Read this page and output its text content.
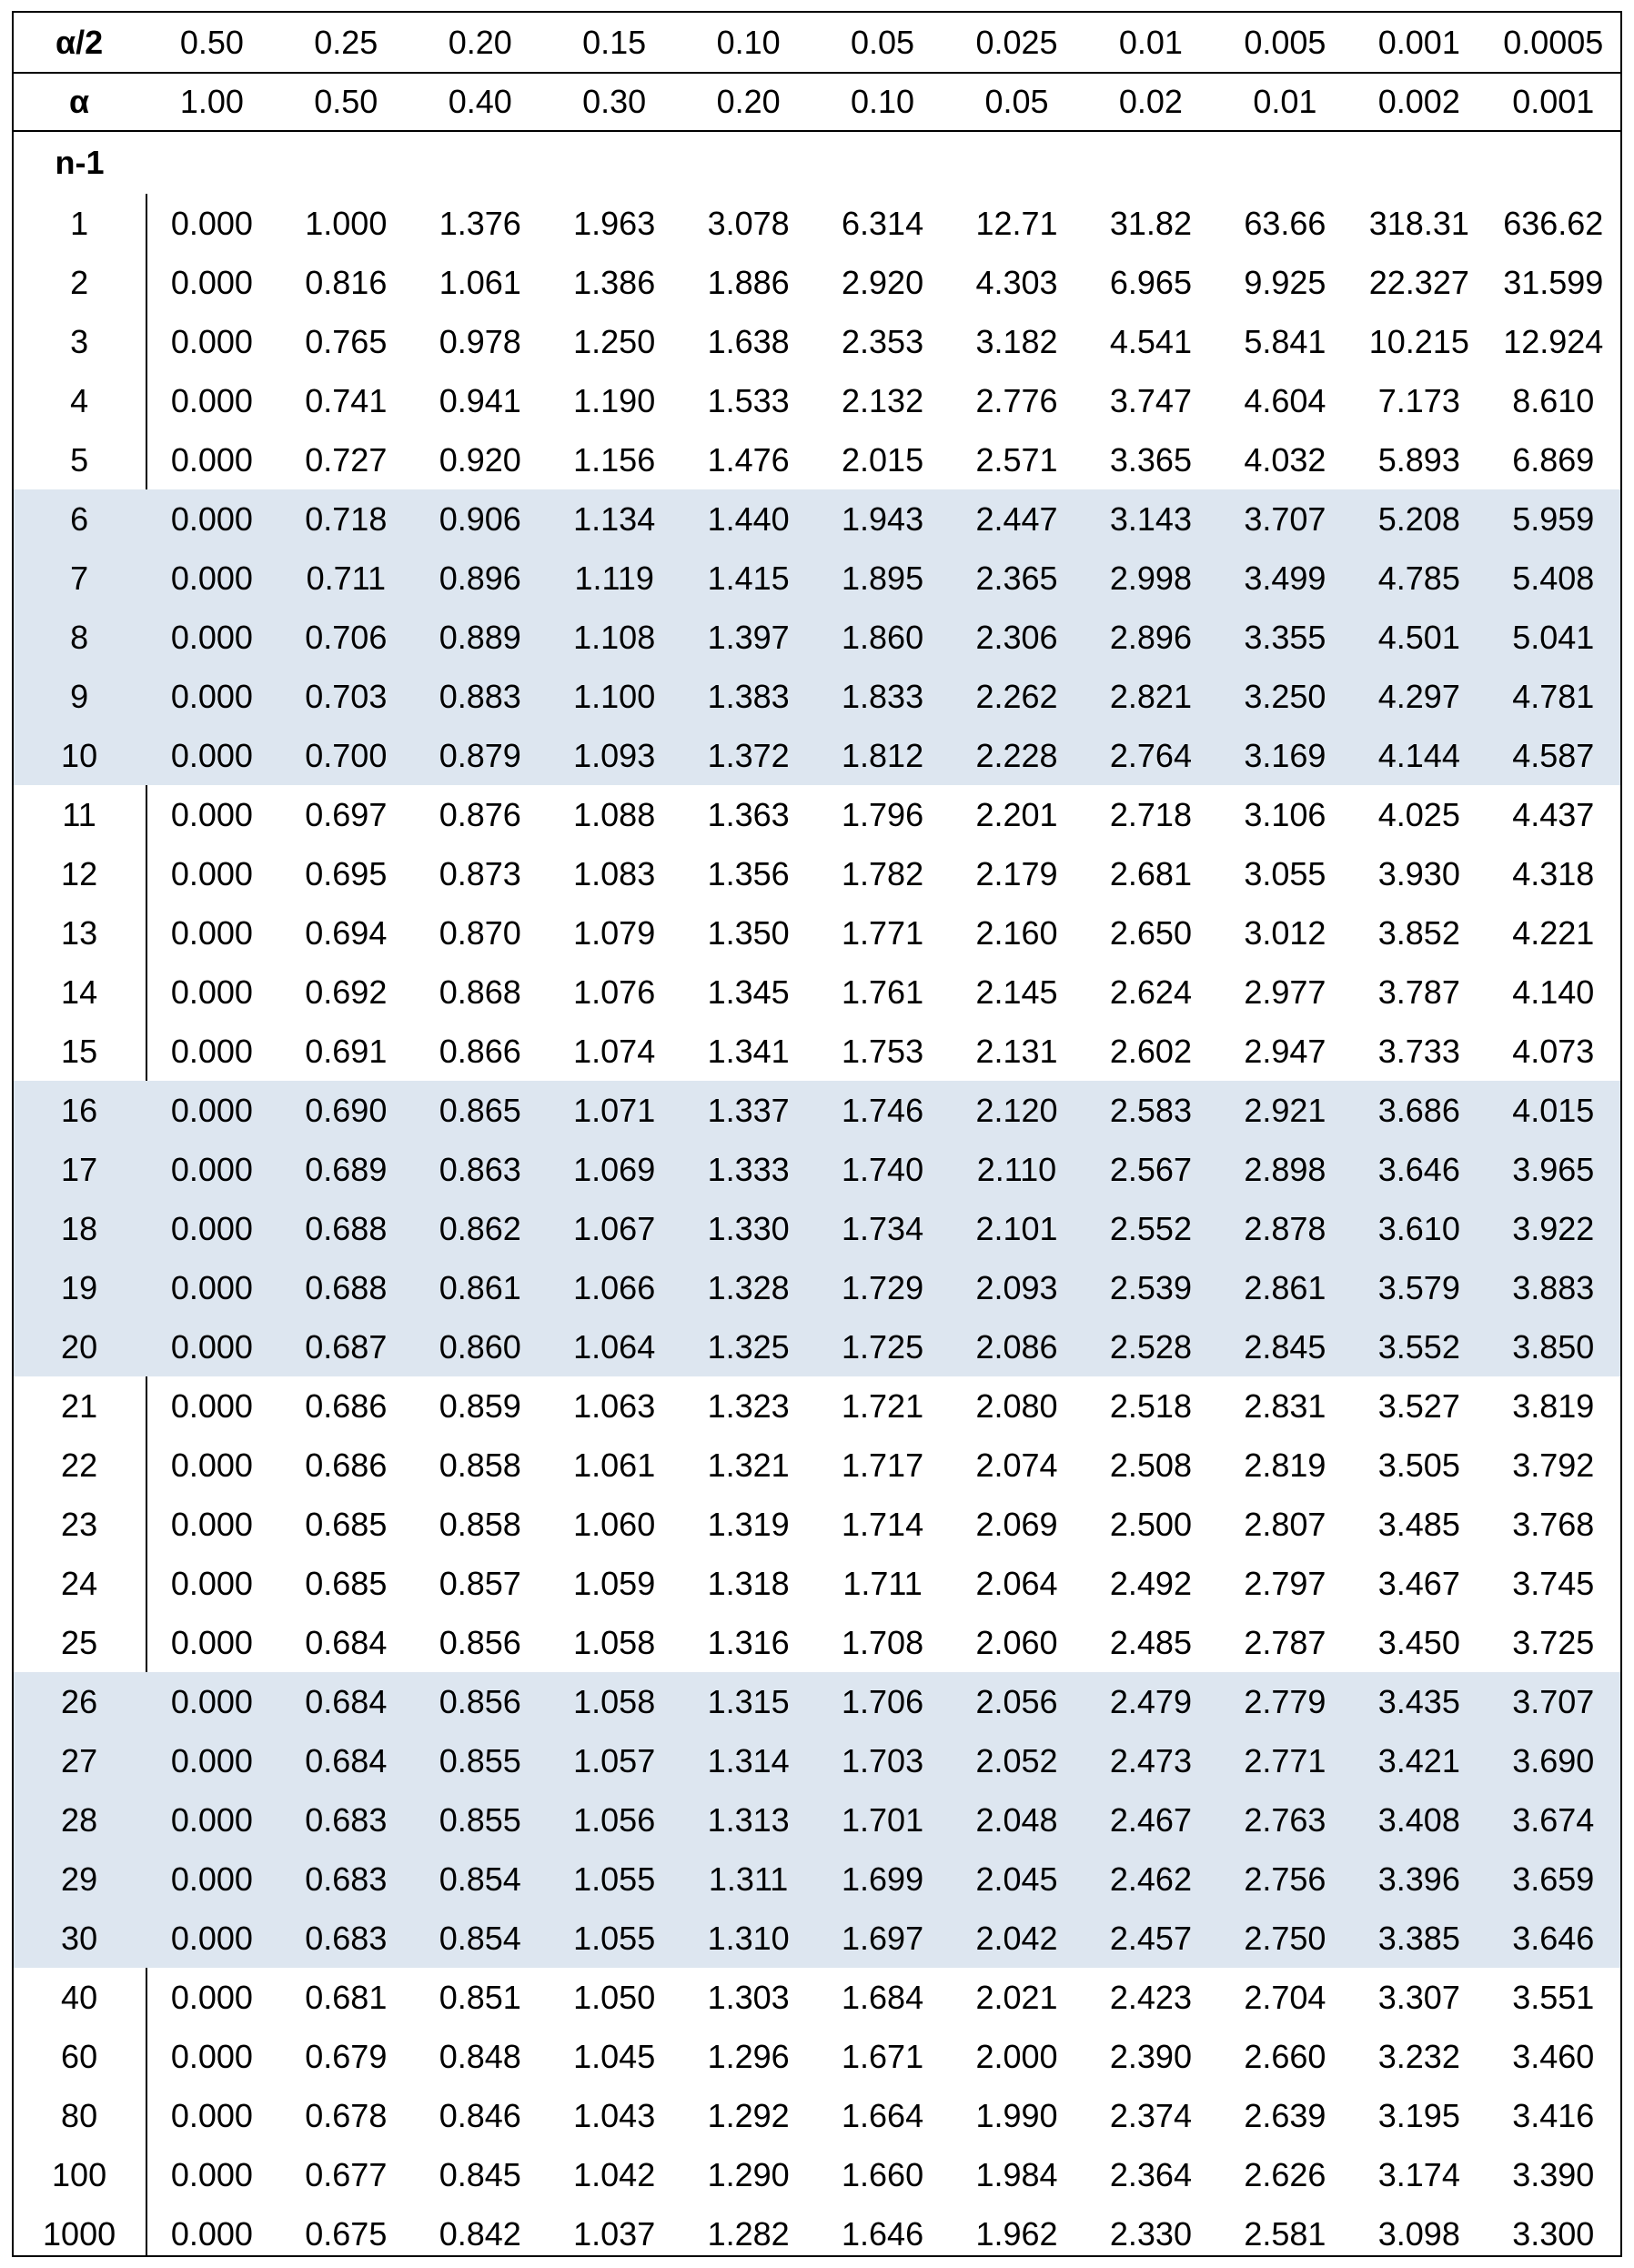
α/2	0.50	0.25	0.20	0.15	0.10	0.05	0.025	0.01	0.005	0.001	0.0005
α	1.00	0.50	0.40	0.30	0.20	0.10	0.05	0.02	0.01	0.002	0.001
n-1
1	0.000	1.000	1.376	1.963	3.078	6.314	12.71	31.82	63.66	318.31	636.62
2	0.000	0.816	1.061	1.386	1.886	2.920	4.303	6.965	9.925	22.327	31.599
3	0.000	0.765	0.978	1.250	1.638	2.353	3.182	4.541	5.841	10.215	12.924
4	0.000	0.741	0.941	1.190	1.533	2.132	2.776	3.747	4.604	7.173	8.610
5	0.000	0.727	0.920	1.156	1.476	2.015	2.571	3.365	4.032	5.893	6.869
6	0.000	0.718	0.906	1.134	1.440	1.943	2.447	3.143	3.707	5.208	5.959
7	0.000	0.711	0.896	1.119	1.415	1.895	2.365	2.998	3.499	4.785	5.408
8	0.000	0.706	0.889	1.108	1.397	1.860	2.306	2.896	3.355	4.501	5.041
9	0.000	0.703	0.883	1.100	1.383	1.833	2.262	2.821	3.250	4.297	4.781
10	0.000	0.700	0.879	1.093	1.372	1.812	2.228	2.764	3.169	4.144	4.587
11	0.000	0.697	0.876	1.088	1.363	1.796	2.201	2.718	3.106	4.025	4.437
12	0.000	0.695	0.873	1.083	1.356	1.782	2.179	2.681	3.055	3.930	4.318
13	0.000	0.694	0.870	1.079	1.350	1.771	2.160	2.650	3.012	3.852	4.221
14	0.000	0.692	0.868	1.076	1.345	1.761	2.145	2.624	2.977	3.787	4.140
15	0.000	0.691	0.866	1.074	1.341	1.753	2.131	2.602	2.947	3.733	4.073
16	0.000	0.690	0.865	1.071	1.337	1.746	2.120	2.583	2.921	3.686	4.015
17	0.000	0.689	0.863	1.069	1.333	1.740	2.110	2.567	2.898	3.646	3.965
18	0.000	0.688	0.862	1.067	1.330	1.734	2.101	2.552	2.878	3.610	3.922
19	0.000	0.688	0.861	1.066	1.328	1.729	2.093	2.539	2.861	3.579	3.883
20	0.000	0.687	0.860	1.064	1.325	1.725	2.086	2.528	2.845	3.552	3.850
21	0.000	0.686	0.859	1.063	1.323	1.721	2.080	2.518	2.831	3.527	3.819
22	0.000	0.686	0.858	1.061	1.321	1.717	2.074	2.508	2.819	3.505	3.792
23	0.000	0.685	0.858	1.060	1.319	1.714	2.069	2.500	2.807	3.485	3.768
24	0.000	0.685	0.857	1.059	1.318	1.711	2.064	2.492	2.797	3.467	3.745
25	0.000	0.684	0.856	1.058	1.316	1.708	2.060	2.485	2.787	3.450	3.725
26	0.000	0.684	0.856	1.058	1.315	1.706	2.056	2.479	2.779	3.435	3.707
27	0.000	0.684	0.855	1.057	1.314	1.703	2.052	2.473	2.771	3.421	3.690
28	0.000	0.683	0.855	1.056	1.313	1.701	2.048	2.467	2.763	3.408	3.674
29	0.000	0.683	0.854	1.055	1.311	1.699	2.045	2.462	2.756	3.396	3.659
30	0.000	0.683	0.854	1.055	1.310	1.697	2.042	2.457	2.750	3.385	3.646
40	0.000	0.681	0.851	1.050	1.303	1.684	2.021	2.423	2.704	3.307	3.551
60	0.000	0.679	0.848	1.045	1.296	1.671	2.000	2.390	2.660	3.232	3.460
80	0.000	0.678	0.846	1.043	1.292	1.664	1.990	2.374	2.639	3.195	3.416
100	0.000	0.677	0.845	1.042	1.290	1.660	1.984	2.364	2.626	3.174	3.390
1000	0.000	0.675	0.842	1.037	1.282	1.646	1.962	2.330	2.581	3.098	3.300
